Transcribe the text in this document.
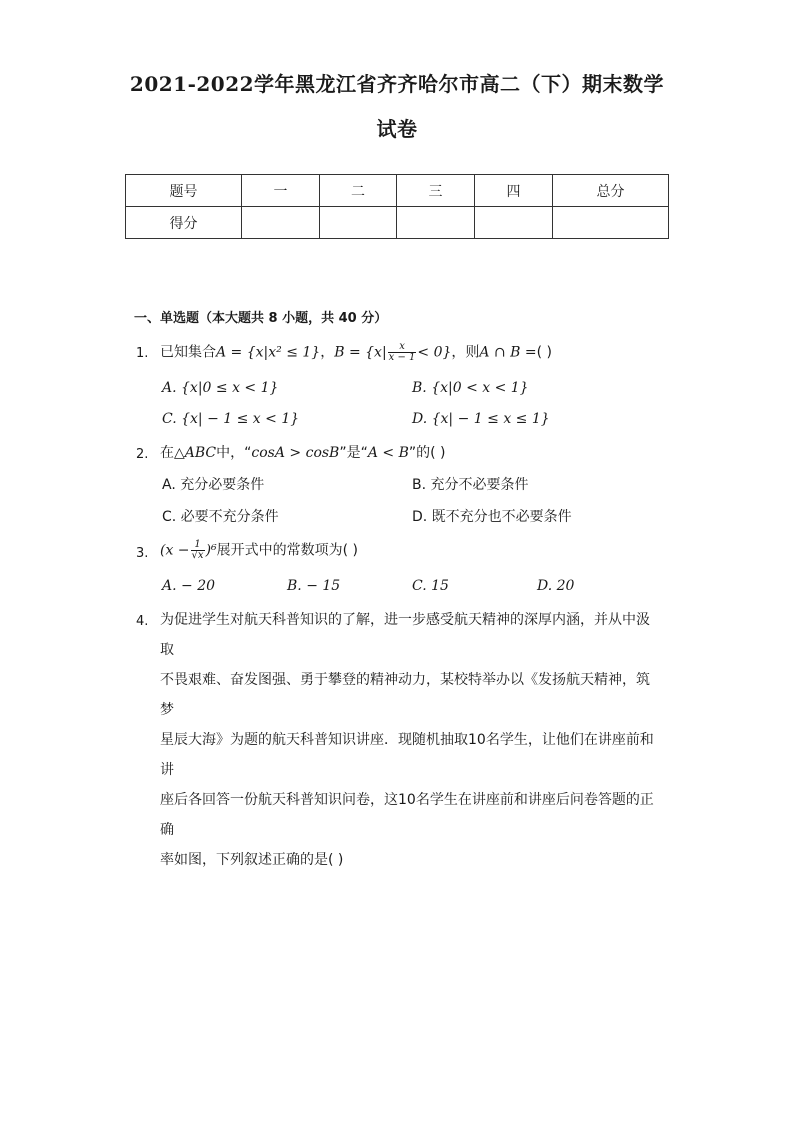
2021-2022学年黑龙江省齐齐哈尔市高二（下）期末数学
试卷
题号	一	二	三	四	总分
得分					
一、单选题（本大题共 8 小题，共 40 分）
1. 已知集合A = {x|x² ≤ 1}，$B = \{x| \frac{x}{x - 1} < 0\}$，则A ∩ B =( )
A. {x|0 ≤ x < 1}	B. {x|0 < x < 1}
C. {x| − 1 ≤ x < 1}	D. {x| − 1 ≤ x ≤ 1}
2. 在△ABC中，“cosA > cosB”是“A < B”的( )
A. 充分必要条件	B. 充分不必要条件
C. 必要不充分条件	D. 既不充分也不必要条件
3. $(x - \frac{1}{√x} )^6$展开式中的常数项为( )
A. − 20	B. − 15	C. 15	D. 20
4. 为促进学生对航天科普知识的了解，进一步感受航天精神的深厚内涵，并从中汲取
不畏艰难、奋发图强、勇于攀登的精神动力，某校特举办以《发扬航天精神，筑梦
星辰大海》为题的航天科普知识讲座．现随机抽取10名学生，让他们在讲座前和讲
座后各回答一份航天科普知识问卷，这10名学生在讲座前和讲座后问卷答题的正确
率如图，下列叙述正确的是( )
